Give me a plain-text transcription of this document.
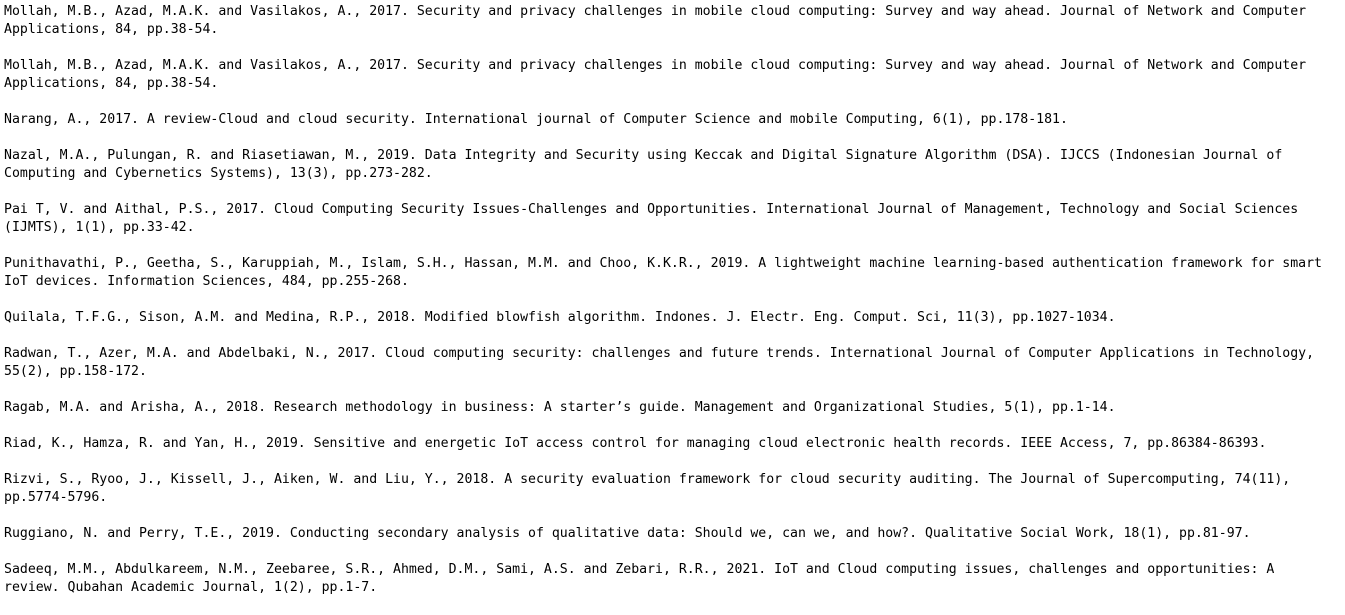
Mollah, M.B., Azad, M.A.K. and Vasilakos, A., 2017. Security and privacy challenges in mobile cloud computing: Survey and way ahead. Journal of Network and Computer
Applications, 84, pp.38-54.

Mollah, M.B., Azad, M.A.K. and Vasilakos, A., 2017. Security and privacy challenges in mobile cloud computing: Survey and way ahead. Journal of Network and Computer
Applications, 84, pp.38-54.

Narang, A., 2017. A review-Cloud and cloud security. International journal of Computer Science and mobile Computing, 6(1), pp.178-181.

Nazal, M.A., Pulungan, R. and Riasetiawan, M., 2019. Data Integrity and Security using Keccak and Digital Signature Algorithm (DSA). IJCCS (Indonesian Journal of
Computing and Cybernetics Systems), 13(3), pp.273-282.

Pai T, V. and Aithal, P.S., 2017. Cloud Computing Security Issues-Challenges and Opportunities. International Journal of Management, Technology and Social Sciences
(IJMTS), 1(1), pp.33-42.

Punithavathi, P., Geetha, S., Karuppiah, M., Islam, S.H., Hassan, M.M. and Choo, K.K.R., 2019. A lightweight machine learning-based authentication framework for smart
IoT devices. Information Sciences, 484, pp.255-268.

Quilala, T.F.G., Sison, A.M. and Medina, R.P., 2018. Modified blowfish algorithm. Indones. J. Electr. Eng. Comput. Sci, 11(3), pp.1027-1034.

Radwan, T., Azer, M.A. and Abdelbaki, N., 2017. Cloud computing security: challenges and future trends. International Journal of Computer Applications in Technology,
55(2), pp.158-172.

Ragab, M.A. and Arisha, A., 2018. Research methodology in business: A starter’s guide. Management and Organizational Studies, 5(1), pp.1-14.

Riad, K., Hamza, R. and Yan, H., 2019. Sensitive and energetic IoT access control for managing cloud electronic health records. IEEE Access, 7, pp.86384-86393.

Rizvi, S., Ryoo, J., Kissell, J., Aiken, W. and Liu, Y., 2018. A security evaluation framework for cloud security auditing. The Journal of Supercomputing, 74(11),
pp.5774-5796.

Ruggiano, N. and Perry, T.E., 2019. Conducting secondary analysis of qualitative data: Should we, can we, and how?. Qualitative Social Work, 18(1), pp.81-97.

Sadeeq, M.M., Abdulkareem, N.M., Zeebaree, S.R., Ahmed, D.M., Sami, A.S. and Zebari, R.R., 2021. IoT and Cloud computing issues, challenges and opportunities: A
review. Qubahan Academic Journal, 1(2), pp.1-7.
